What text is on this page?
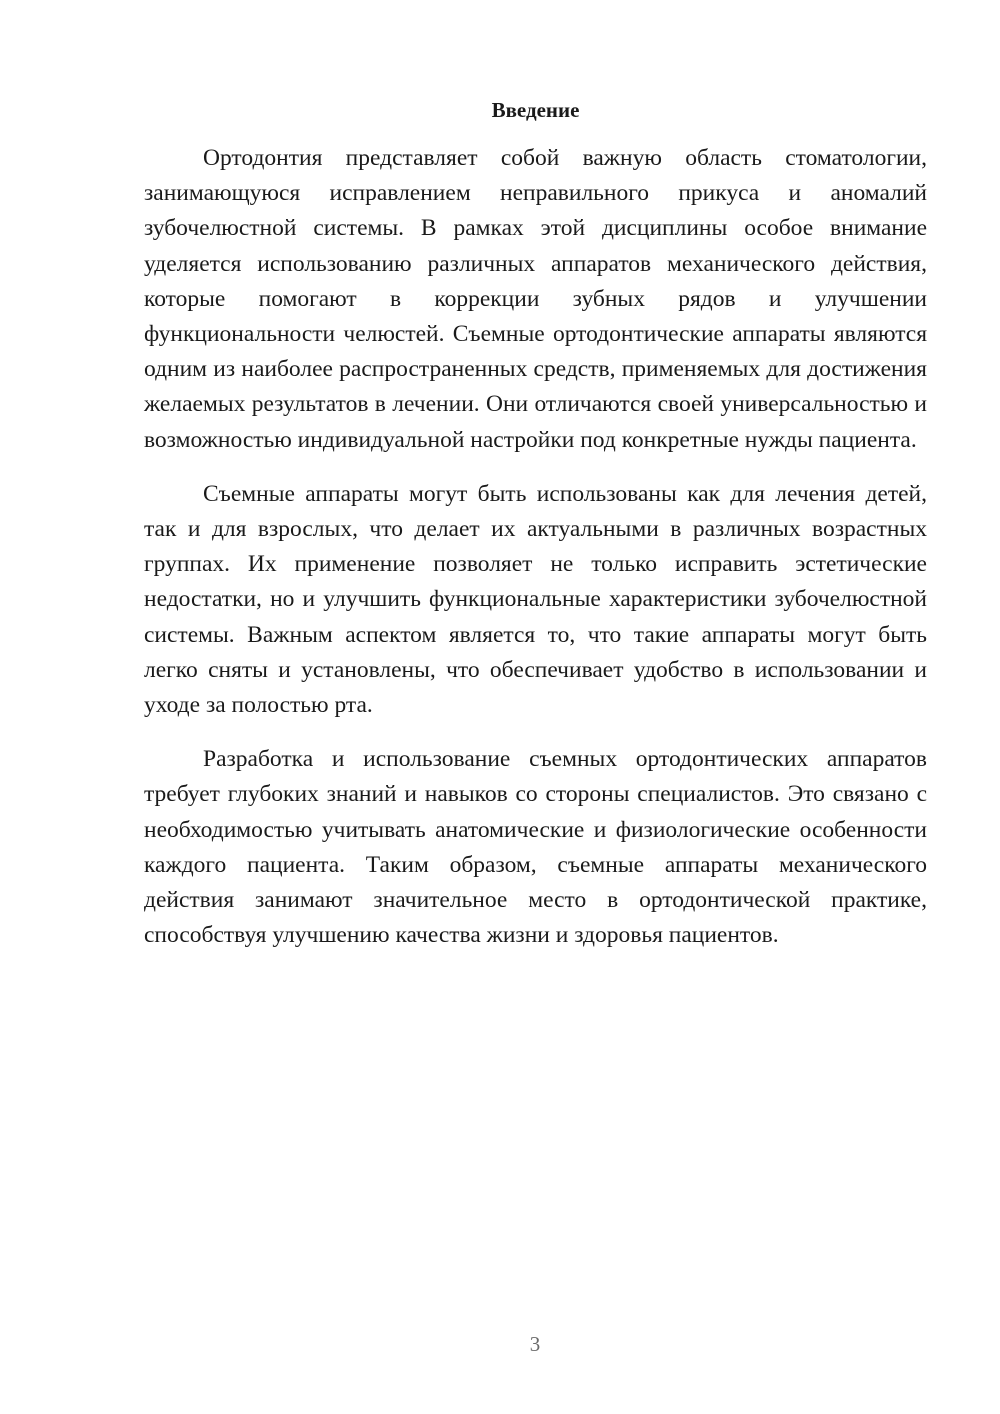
Введение

Ортодонтия представляет собой важную область стоматологии, занимающуюся исправлением неправильного прикуса и аномалий зубочелюстной системы. В рамках этой дисциплины особое внимание уделяется использованию различных аппаратов механического действия, которые помогают в коррекции зубных рядов и улучшении функциональности челюстей. Съемные ортодонтические аппараты являются одним из наиболее распространенных средств, применяемых для достижения желаемых результатов в лечении. Они отличаются своей универсальностью и возможностью индивидуальной настройки под конкретные нужды пациента.

Съемные аппараты могут быть использованы как для лечения детей, так и для взрослых, что делает их актуальными в различных возрастных группах. Их применение позволяет не только исправить эстетические недостатки, но и улучшить функциональные характеристики зубочелюстной системы. Важным аспектом является то, что такие аппараты могут быть легко сняты и установлены, что обеспечивает удобство в использовании и уходе за полостью рта.

Разработка и использование съемных ортодонтических аппаратов требует глубоких знаний и навыков со стороны специалистов. Это связано с необходимостью учитывать анатомические и физиологические особенности каждого пациента. Таким образом, съемные аппараты механического действия занимают значительное место в ортодонтической практике, способствуя улучшению качества жизни и здоровья пациентов.

3
